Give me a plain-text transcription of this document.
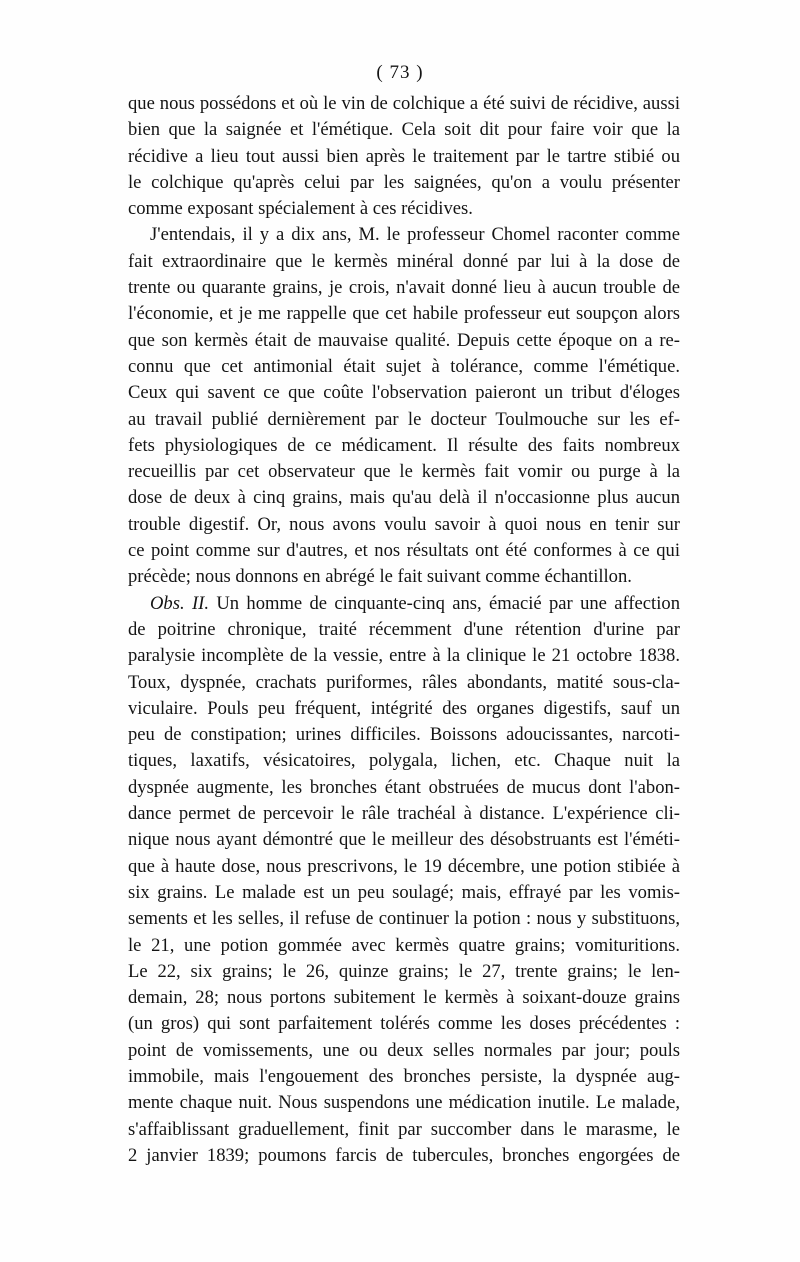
( 73 )
que nous possédons et où le vin de colchique a été suivi de récidive, aussi
bien que la saignée et l'émétique. Cela soit dit pour faire voir que la
récidive a lieu tout aussi bien après le traitement par le tartre stibié ou
le colchique qu'après celui par les saignées, qu'on a voulu présenter
comme exposant spécialement à ces récidives.
J'entendais, il y a dix ans, M. le professeur Chomel raconter comme
fait extraordinaire que le kermès minéral donné par lui à la dose de
trente ou quarante grains, je crois, n'avait donné lieu à aucun trouble de
l'économie, et je me rappelle que cet habile professeur eut soupçon alors
que son kermès était de mauvaise qualité. Depuis cette époque on a re-
connu que cet antimonial était sujet à tolérance, comme l'émétique.
Ceux qui savent ce que coûte l'observation paieront un tribut d'éloges
au travail publié dernièrement par le docteur Toulmouche sur les ef-
fets physiologiques de ce médicament. Il résulte des faits nombreux
recueillis par cet observateur que le kermès fait vomir ou purge à la
dose de deux à cinq grains, mais qu'au delà il n'occasionne plus aucun
trouble digestif. Or, nous avons voulu savoir à quoi nous en tenir sur
ce point comme sur d'autres, et nos résultats ont été conformes à ce qui
précède; nous donnons en abrégé le fait suivant comme échantillon.
Obs. II. Un homme de cinquante-cinq ans, émacié par une affection
de poitrine chronique, traité récemment d'une rétention d'urine par
paralysie incomplète de la vessie, entre à la clinique le 21 octobre 1838.
Toux, dyspnée, crachats puriformes, râles abondants, matité sous-cla-
viculaire. Pouls peu fréquent, intégrité des organes digestifs, sauf un
peu de constipation; urines difficiles. Boissons adoucissantes, narcoti-
tiques, laxatifs, vésicatoires, polygala, lichen, etc. Chaque nuit la
dyspnée augmente, les bronches étant obstruées de mucus dont l'abon-
dance permet de percevoir le râle trachéal à distance. L'expérience cli-
nique nous ayant démontré que le meilleur des désobstruants est l'éméti-
que à haute dose, nous prescrivons, le 19 décembre, une potion stibiée à
six grains. Le malade est un peu soulagé; mais, effrayé par les vomis-
sements et les selles, il refuse de continuer la potion : nous y substituons,
le 21, une potion gommée avec kermès quatre grains; vomituritions.
Le 22, six grains; le 26, quinze grains; le 27, trente grains; le len-
demain, 28; nous portons subitement le kermès à soixant-douze grains
(un gros) qui sont parfaitement tolérés comme les doses précédentes :
point de vomissements, une ou deux selles normales par jour; pouls
immobile, mais l'engouement des bronches persiste, la dyspnée aug-
mente chaque nuit. Nous suspendons une médication inutile. Le malade,
s'affaiblissant graduellement, finit par succomber dans le marasme, le
2 janvier 1839; poumons farcis de tubercules, bronches engorgées de
